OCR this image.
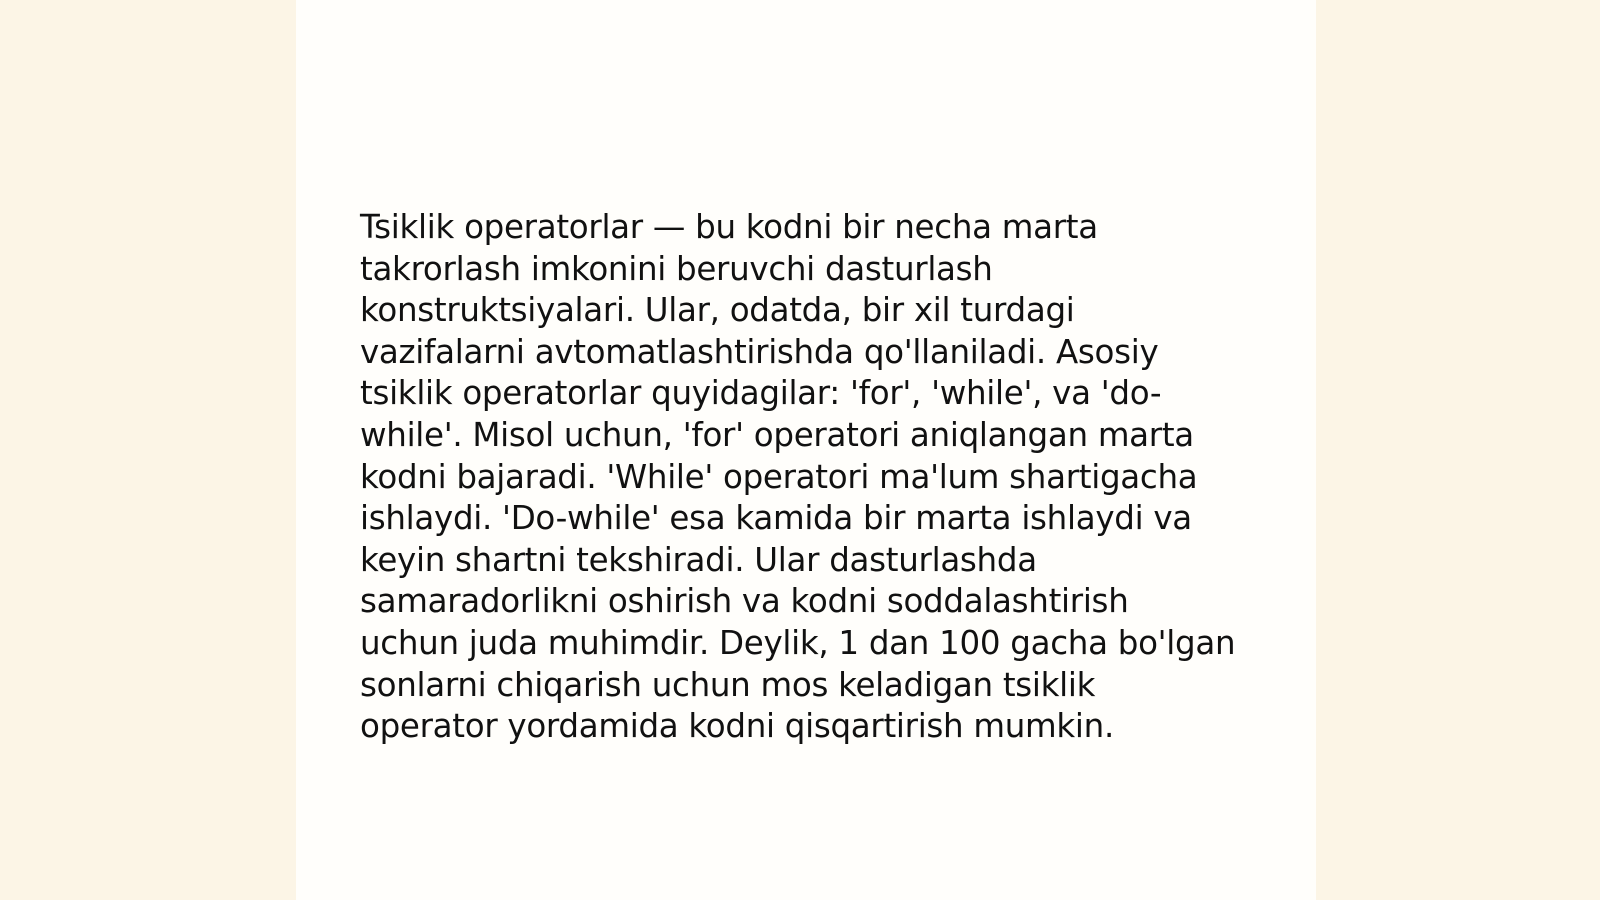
Tsiklik operatorlar — bu kodni bir necha marta
takrorlash imkonini beruvchi dasturlash
konstruktsiyalari. Ular, odatda, bir xil turdagi
vazifalarni avtomatlashtirishda qo'llaniladi. Asosiy
tsiklik operatorlar quyidagilar: 'for', 'while', va 'do-
while'. Misol uchun, 'for' operatori aniqlangan marta
kodni bajaradi. 'While' operatori ma'lum shartigacha
ishlaydi. 'Do-while' esa kamida bir marta ishlaydi va
keyin shartni tekshiradi. Ular dasturlashda
samaradorlikni oshirish va kodni soddalashtirish
uchun juda muhimdir. Deylik, 1 dan 100 gacha bo'lgan
sonlarni chiqarish uchun mos keladigan tsiklik
operator yordamida kodni qisqartirish mumkin.
